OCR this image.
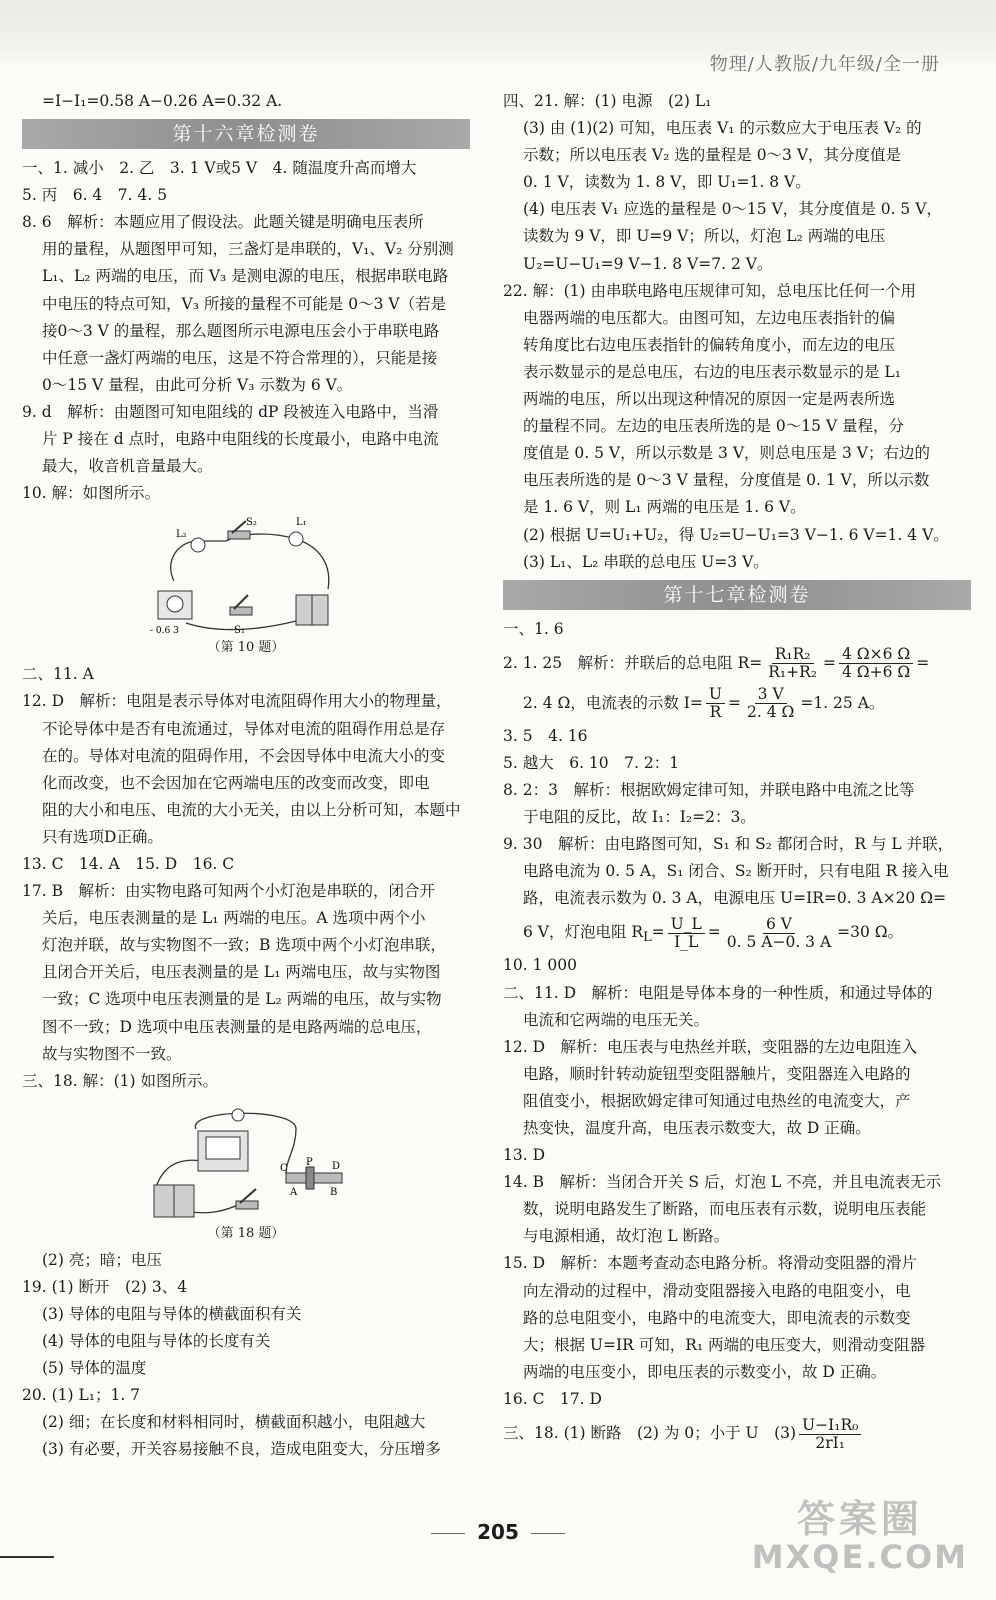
物理/人教版/九年级/全一册
=I−I₁=0.58 A−0.26 A=0.32 A.
第十六章检测卷
一、1. 减小　2. 乙　3. 1 V或5 V　4. 随温度升高而增大
5. 丙　6. 4　7. 4. 5
8. 6　解析：本题应用了假设法。此题关键是明确电压表所
用的量程，从题图甲可知，三盏灯是串联的，V₁、V₂ 分别测
L₁、L₂ 两端的电压，而 V₃ 是测电源的电压，根据串联电路
中电压的特点可知，V₃ 所接的量程不可能是 0～3 V（若是
接0～3 V 的量程，那么题图所示电源电压会小于串联电路
中任意一盏灯两端的电压，这是不符合常理的），只能是接
0～15 V 量程，由此可分析 V₃ 示数为 6 V。
9. d　解析：由题图可知电阻线的 dP 段被连入电路中，当滑
片 P 接在 d 点时，电路中电阻线的长度最小，电路中电流
最大，收音机音量最大。
10. 解：如图所示。
S₂	L₁
L₂
S₁
- 0.6 3
（第 10 题）
二、11. A
12. D　解析：电阻是表示导体对电流阻碍作用大小的物理量，
不论导体中是否有电流通过，导体对电流的阻碍作用总是存
在的。导体对电流的阻碍作用，不会因导体中电流大小的变
化而改变，也不会因加在它两端电压的改变而改变，即电
阻的大小和电压、电流的大小无关，由以上分析可知，本题中
只有选项D正确。
13. C　14. A　15. D　16. C
17. B　解析：由实物电路可知两个小灯泡是串联的，闭合开
关后，电压表测量的是 L₁ 两端的电压。A 选项中两个小
灯泡并联，故与实物图不一致；B 选项中两个小灯泡串联，
且闭合开关后，电压表测量的是 L₁ 两端电压，故与实物图
一致；C 选项中电压表测量的是 L₂ 两端的电压，故与实物
图不一致；D 选项中电压表测量的是电路两端的总电压，
故与实物图不一致。
三、18. 解：(1) 如图所示。
C
P D
A	B
（第 18 题）
(2) 亮；暗；电压
19. (1) 断开　(2) 3、4
(3) 导体的电阻与导体的横截面积有关
(4) 导体的电阻与导体的长度有关
(5) 导体的温度
20. (1) L₁；1. 7
(2) 细；在长度和材料相同时，横截面积越小，电阻越大
(3) 有必要，开关容易接触不良，造成电阻变大，分压增多
四、21. 解：(1) 电源　(2) L₁
(3) 由 (1)(2) 可知，电压表 V₁ 的示数应大于电压表 V₂ 的
示数；所以电压表 V₂ 选的量程是 0～3 V，其分度值是
0. 1 V，读数为 1. 8 V，即 U₁=1. 8 V。
(4) 电压表 V₁ 应选的量程是 0～15 V，其分度值是 0. 5 V，
读数为 9 V，即 U=9 V；所以，灯泡 L₂ 两端的电压
U₂=U−U₁=9 V−1. 8 V=7. 2 V。
22. 解：(1) 由串联电路电压规律可知，总电压比任何一个用
电器两端的电压都大。由图可知，左边电压表指针的偏
转角度比右边电压表指针的偏转角度小，而左边的电压
表示数显示的是总电压，右边的电压表示数显示的是 L₁
两端的电压，所以出现这种情况的原因一定是两表所选
的量程不同。左边的电压表所选的是 0～15 V 量程，分
度值是 0. 5 V，所以示数是 3 V，则总电压是 3 V；右边的
电压表所选的是 0～3 V 量程，分度值是 0. 1 V，所以示数
是 1. 6 V，则 L₁ 两端的电压是 1. 6 V。
(2) 根据 U=U₁+U₂，得 U₂=U−U₁=3 V−1. 6 V=1. 4 V。
(3) L₁、L₂ 串联的总电压 U=3 V。
第十七章检测卷
一、1. 6
2. 1. 25　解析：并联后的总电阻 $R= \frac{\text{R₁R₂}}{\text{R₁+R₂}} = \frac{4 \Omega\times 6 \Omega}{4 \Omega+6 \Omega}$ =
2. 4 Ω，电流表的示数 $I= \frac{U}{R} = \frac{3 V}{2. 4 \Omega} =1$. 25 A。
3. 5　4. 16
5. 越大　6. 10　7. 2：1
8. 2：3　解析：根据欧姆定律可知，并联电路中电流之比等
于电阻的反比，故 I₁：I₂=2：3。
9. 30　解析：由电路图可知，S₁ 和 S₂ 都闭合时，R 与 L 并联，
电路电流为 0. 5 A，S₁ 闭合、S₂ 断开时，只有电阻 R 接入电
路，电流表示数为 0. 3 A，电源电压 U=IR=0. 3 A×20 Ω=
6 V，灯泡电阻 $R_L= \frac{U\_L}{I\_L} = \frac{6 V}{0. 5 A-0. 3 A} =30$ Ω。
10. 1 000
二、11. D　解析：电阻是导体本身的一种性质，和通过导体的
电流和它两端的电压无关。
12. D　解析：电压表与电热丝并联，变阻器的左边电阻连入
电路，顺时针转动旋钮型变阻器触片，变阻器连入电路的
阻值变小，根据欧姆定律可知通过电热丝的电流变大，产
热变快，温度升高，电压表示数变大，故 D 正确。
13. D
14. B　解析：当闭合开关 S 后，灯泡 L 不亮，并且电流表无示
数，说明电路发生了断路，而电压表有示数，说明电压表能
与电源相通，故灯泡 L 断路。
15. D　解析：本题考查动态电路分析。将滑动变阻器的滑片
向左滑动的过程中，滑动变阻器接入电路的电阻变小，电
路的总电阻变小，电路中的电流变大，即电流表的示数变
大；根据 U=IR 可知，R₁ 两端的电压变大，则滑动变阻器
两端的电压变小，即电压表的示数变小，故 D 正确。
16. C　17. D
三、18. (1) 断路　(2) 为 0；小于 U　$(3) \frac{\text{U−I₁R₀}}{\text{2rI₁}}$
205	答案圈
MXQE.COM
